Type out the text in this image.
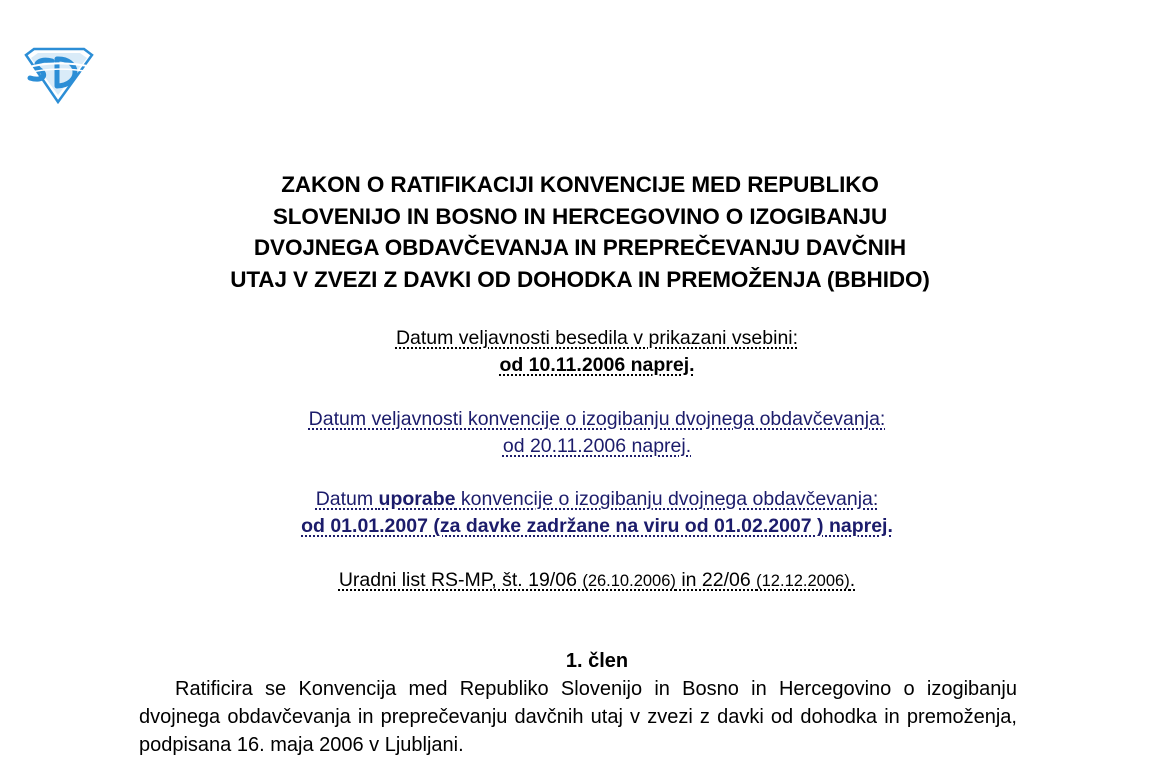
ZAKON O RATIFIKACIJI KONVENCIJE MED REPUBLIKO
SLOVENIJO IN BOSNO IN HERCEGOVINO O IZOGIBANJU
DVOJNEGA OBDAVČEVANJA IN PREPREČEVANJU DAVČNIH
UTAJ V ZVEZI Z DAVKI OD DOHODKA IN PREMOŽENJA (BBHIDO)
Datum veljavnosti besedila v prikazani vsebini:
od 10.11.2006 naprej.
Datum veljavnosti konvencije o izogibanju dvojnega obdavčevanja:
od 20.11.2006 naprej.
Datum uporabe konvencije o izogibanju dvojnega obdavčevanja:
od 01.01.2007 (za davke zadržane na viru od 01.02.2007 ) naprej.
Uradni list RS-MP, št. 19/06 (26.10.2006) in 22/06 (12.12.2006).
1. člen

Ratificira se Konvencija med Republiko Slovenijo in Bosno in Hercegovino o izogibanju dvojnega obdavčevanja in preprečevanju davčnih utaj v zvezi z davki od dohodka in premoženja, podpisana 16. maja 2006 v Ljubljani.
